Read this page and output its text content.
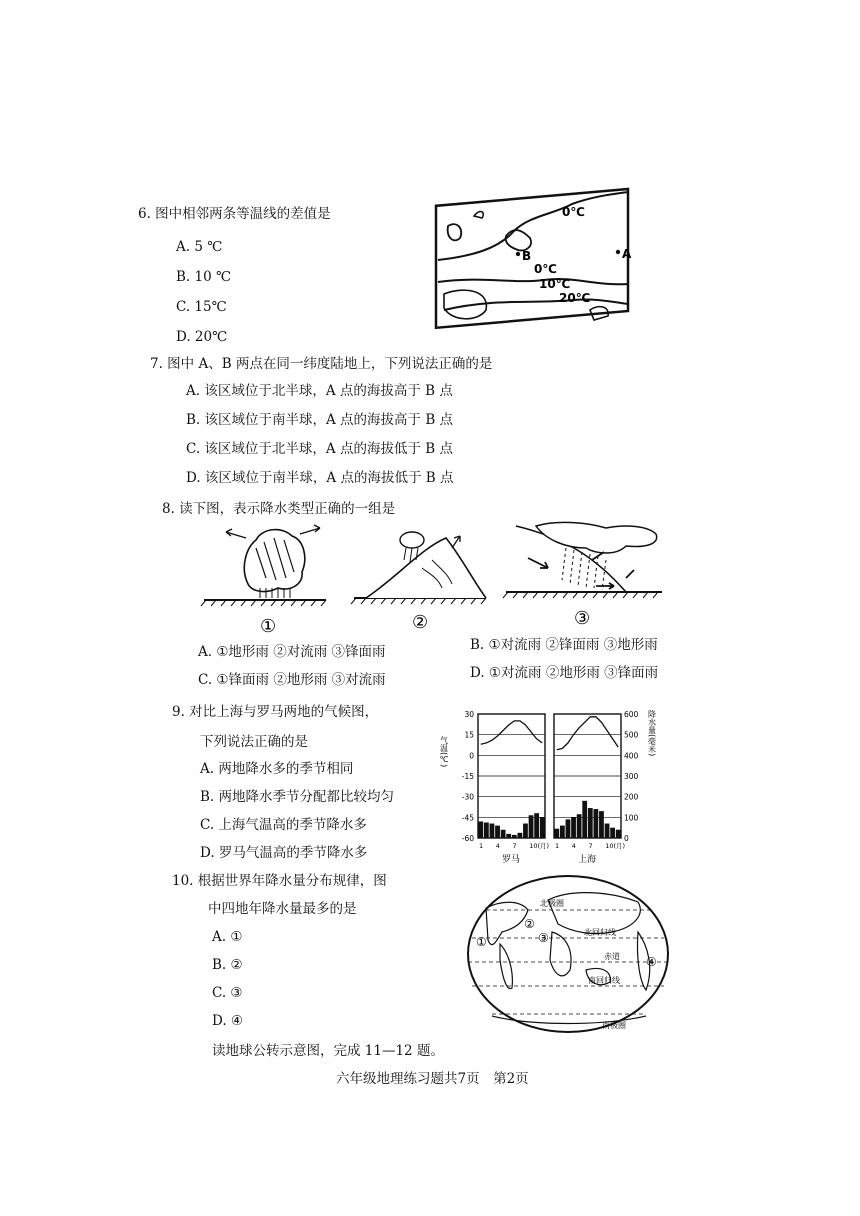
6. 图中相邻两条等温线的差值是
A. 5 ℃
B. 10 ℃
C. 15℃
D. 20℃
0℃
B
0℃
A
10℃
20℃
7. 图中 A、B 两点在同一纬度陆地上，下列说法正确的是
A. 该区域位于北半球，A 点的海拔高于 B 点
B. 该区域位于南半球，A 点的海拔高于 B 点
C. 该区域位于北半球，A 点的海拔低于 B 点
D. 该区域位于南半球，A 点的海拔低于 B 点
8. 读下图，表示降水类型正确的一组是
①	②	③
A. ①地形雨 ②对流雨 ③锋面雨	B. ①对流雨 ②锋面雨 ③地形雨
C. ①锋面雨 ②地形雨 ③对流雨	D. ①对流雨 ②地形雨 ③锋面雨
9. 对比上海与罗马两地的气候图，
下列说法正确的是
A. 两地降水多的季节相同
B. 两地降水季节分配都比较均匀
C. 上海气温高的季节降水多
D. 罗马气温高的季节降水多
气温(℃)	降水量(毫米)
30
15
0
-15
-30
-45
-60
600
500
400
300
200
100
0
1 4 7 10(月) 1 4 7 10(月)
罗马	上海
10. 根据世界年降水量分布规律，图
中四地年降水量最多的是
A. ①
B. ②
C. ③
D. ④
北极圈
北回归线
赤道
南回归线
南极圈
①
②
③
④
读地球公转示意图，完成 11—12 题。
六年级地理练习题共7页　第2页
